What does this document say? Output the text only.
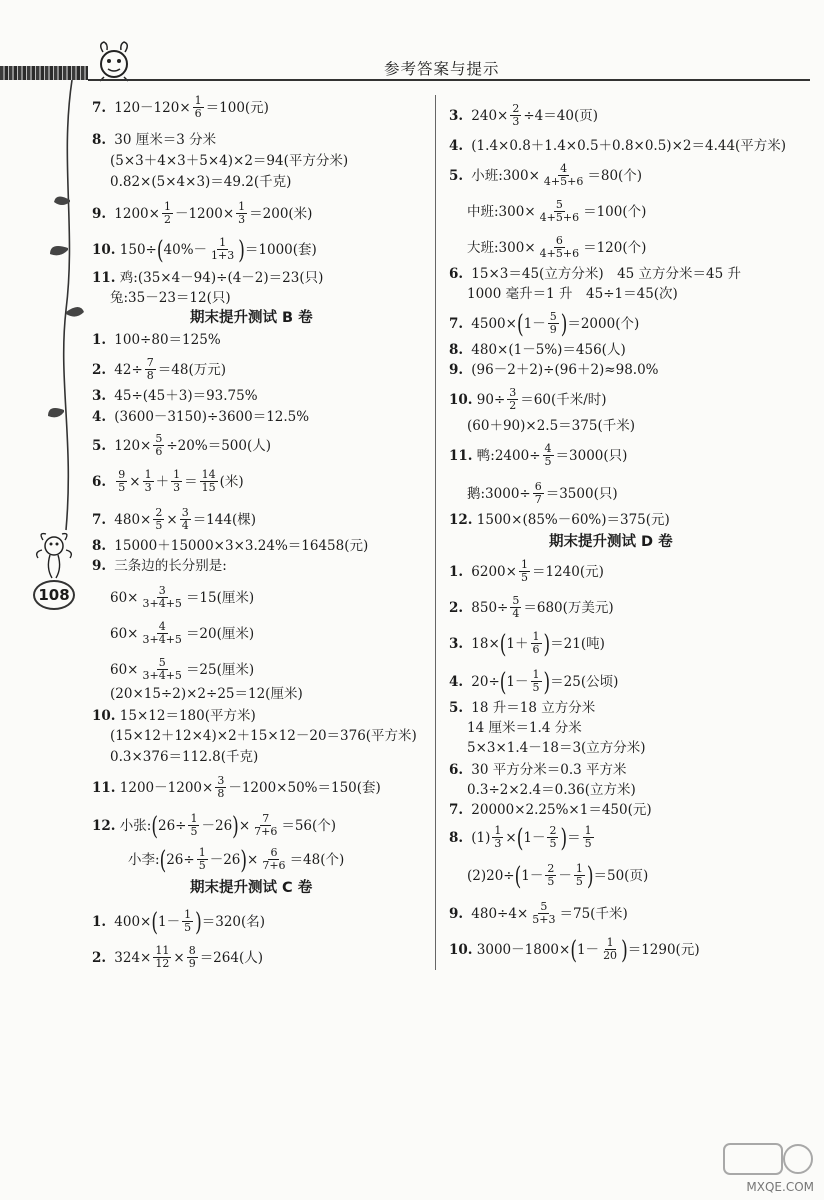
参考答案与提示
108
7. $120-120\times \frac{1}{6} =100$(元)
8. 30 厘米＝3 分米
(5×3＋4×3＋5×4)×2＝94(平方分米)
0.82×(5×4×3)＝49.2(千克)
9. $1200\times \frac{1}{2} -1200\times \frac{1}{3} =200$(米)
10. $150\div(40\%- \frac{1}{1+3} )=1000$(套)
11. 鸡:(35×4－94)÷(4－2)＝23(只)
兔:35－23＝12(只)
1. 100÷80＝125%
2. $42\div \frac{7}{8} =48$(万元)
3. 45÷(45＋3)＝93.75%
4. (3600－3150)÷3600＝12.5%
5. $120\times \frac{5}{6} \div 20\%=500$(人)
6. $\frac{9}{5} \times \frac{1}{3} + \frac{1}{3} = \frac{14}{15}$ (米)
7. $480\times \frac{2}{5} \times \frac{3}{4} =144$(棵)
8. 15000＋15000×3×3.24%＝16458(元)
9. 三条边的长分别是:
$60\times \frac{3}{3+4+5} =15$(厘米)
$60\times \frac{4}{3+4+5} =20$(厘米)
$60\times \frac{5}{3+4+5} =25$(厘米)
(20×15÷2)×2÷25＝12(厘米)
10. 15×12＝180(平方米)
(15×12＋12×4)×2＋15×12－20＝376(平方米)
0.3×376＝112.8(千克)
11. $1200-1200\times \frac{3}{8} -1200\times 50\%=150$(套)
12. 小张:(26÷ $\frac{1}{5} -26)\times \frac{7}{7+6} =56$(个)
小李:(26÷ $\frac{1}{5} -26)\times \frac{6}{7+6} =48$(个)
1. $400\times(1- \frac{1}{5} )=320$(名)
2. $324\times \frac{11}{12} \times \frac{8}{9} =264$(人)
期末提升测试 B 卷
期末提升测试 C 卷
3. $240\times \frac{2}{3} \div 4=40$(页)
4. (1.4×0.8＋1.4×0.5＋0.8×0.5)×2＝4.44(平方米)
5. 小班:300× $\frac{4}{4+5+6} =80$(个)
中班:300× $\frac{5}{4+5+6} =100$(个)
大班:300× $\frac{6}{4+5+6} =120$(个)
6. 15×3＝45(立方分米)　45 立方分米＝45 升
1000 毫升＝1 升　45÷1＝45(次)
7. $4500\times(1- \frac{5}{9} )=2000$(个)
8. 480×(1－5%)＝456(人)
9. (96－2＋2)÷(96＋2)≈98.0%
10. $90\div \frac{3}{2} =60$(千米/时)
(60＋90)×2.5＝375(千米)
11. 鸭:2400÷ $\frac{4}{5} =3000$(只)
鹅:3000÷ $\frac{6}{7} =3500$(只)
12. 1500×(85%－60%)＝375(元)
1. $6200\times \frac{1}{5} =1240$(元)
2. $850\div \frac{5}{4} =680$(万美元)
3. $18\times(1+ \frac{1}{6} )=21$(吨)
4. $20\div(1- \frac{1}{5} )=25$(公顷)
5. 18 升＝18 立方分米
14 厘米＝1.4 分米
5×3×1.4－18＝3(立方分米)
6. 30 平方分米＝0.3 平方米
0.3÷2×2.4＝0.36(立方米)
7. 20000×2.25%×1＝450(元)
8. $(1) \frac{1}{3} \times(1- \frac{2}{5}$ )＝ $\frac{1}{5}$
$(2)20\div(1- \frac{2}{5} - \frac{1}{5} )=50$(页)
9. $480\div 4\times \frac{5}{5+3} =75$(千米)
10. $3000-1800\times(1- \frac{1}{20} )=1290$(元)
期末提升测试 D 卷
MXQE.COM
